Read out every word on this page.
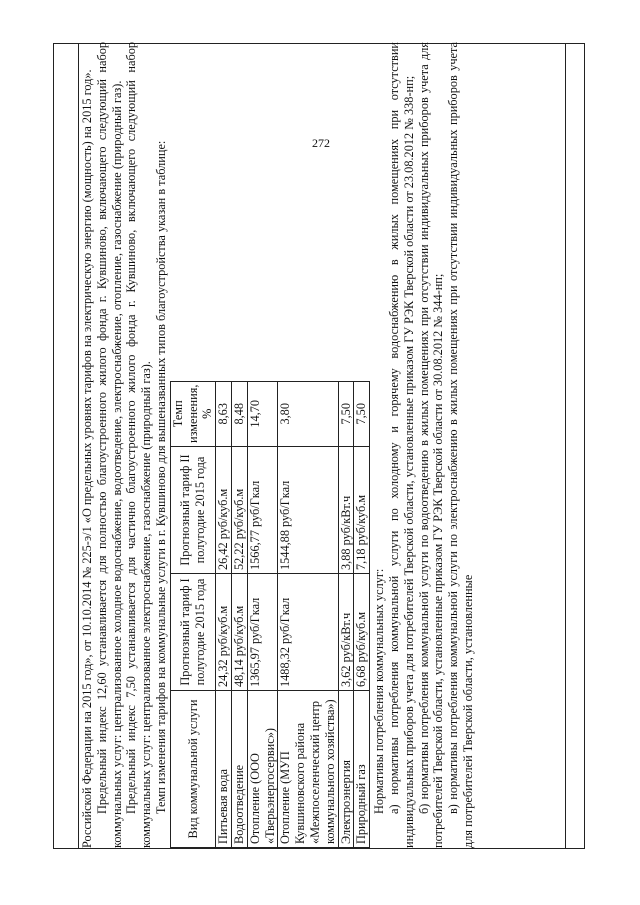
272

Российской Федерации на 2015 год», от 10.10.2014 № 225-э/1 «О предельных уровнях тарифов на электрическую энергию (мощность) на 2015 год». Предельный индекс 12,60 устанавливается для полностью благоустроенного жилого фонда г. Кувшиново, включающего следующий набор коммунальных услуг: централизованное холодное водоснабжение, водоотведение, электроснабжение, отопление, газоснабжение (природный газ). Предельный индекс 7,50 устанавливается для частично благоустроенного жилого фонда г. Кувшиново, включающего следующий набор коммунальных услуг: централизованное электроснабжение, газоснабжение (природный газ). Темп изменения тарифов на коммунальные услуги в г. Кувшиново для вышеназванных типов благоустройства указан в таблице: Вид коммунальной услуги	Прогнозный тариф I полугодие 2015 года	Прогнозный тариф II полугодие 2015 года	Темп изменения, %
Питьевая вода	24,32 руб/куб.м	26,42 руб/куб.м	8,63
Водоотведение	48,14 руб/куб.м	52,22 руб/куб.м	8,48
Отопление (ООО «Тверьэнергосервис»)	1365,97 руб/Гкал	1566,77 руб/Гкал	14,70
Отопление (МУП Кувшиновского района «Межпоселенческий центр коммунального хозяйства»)	1488,32 руб/Гкал	1544,88 руб/Гкал	3,80
Электроэнергия	3,62 руб/кВт.ч	3,88 руб/кВт.ч	7,50
Природный газ	6,68 руб/куб.м	7,18 руб/куб.м	7,50

Нормативы потребления коммунальных услуг: а) нормативы потребления коммунальной услуги по холодному и горячему водоснабжению в жилых помещениях при отсутствии индивидуальных приборов учета для потребителей Тверской области, установленные приказом ГУ РЭК Тверской области от 23.08.2012 № 338-нп; б) нормативы потребления коммунальной услуги по водоотведению в жилых помещениях при отсутствии индивидуальных приборов учета для потребителей Тверской области, установленные приказом ГУ РЭК Тверской области от 30.08.2012 № 344-нп; в) нормативы потребления коммунальной услуги по электроснабжению в жилых помещениях при отсутствии индивидуальных приборов учета для потребителей Тверской области, установленные
